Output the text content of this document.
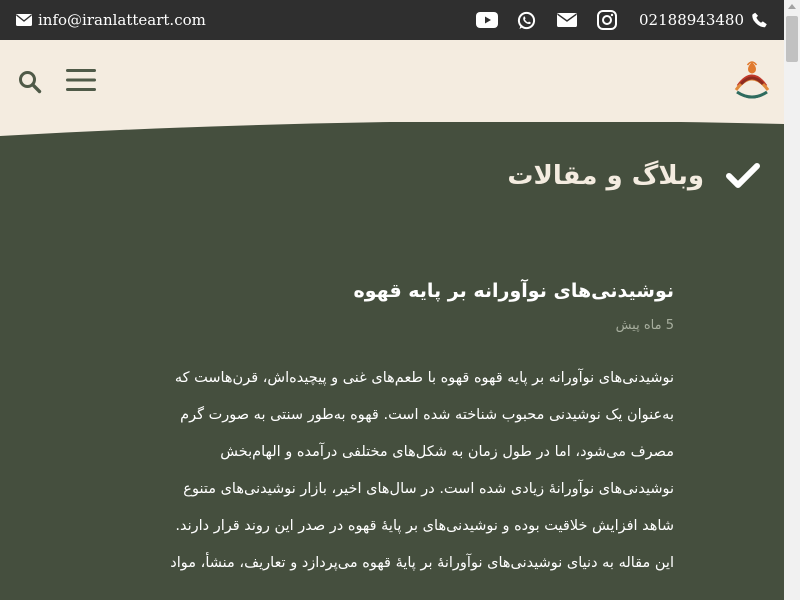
info@iranlatteart.com	02188943480
وبلاگ و مقالات
نوشیدنی‌های نوآورانه بر پایه قهوه
5 ماه پیش
نوشیدنی‌های نوآورانه بر پایه قهوه قهوه با طعم‌های غنی و پیچیده‌اش، قرن‌هاست که
به‌عنوان یک نوشیدنی محبوب شناخته شده است. قهوه به‌طور سنتی به صورت گرم
مصرف می‌شود، اما در طول زمان به شکل‌های مختلفی درآمده و الهام‌بخش
نوشیدنی‌های نوآورانهٔ زیادی شده است. در سال‌های اخیر، بازار نوشیدنی‌های متنوع
شاهد افزایش خلاقیت بوده و نوشیدنی‌های بر پایهٔ قهوه در صدر این روند قرار دارند.
این مقاله به دنیای نوشیدنی‌های نوآورانهٔ بر پایهٔ قهوه می‌پردازد و تعاریف، منشأ، مواد
